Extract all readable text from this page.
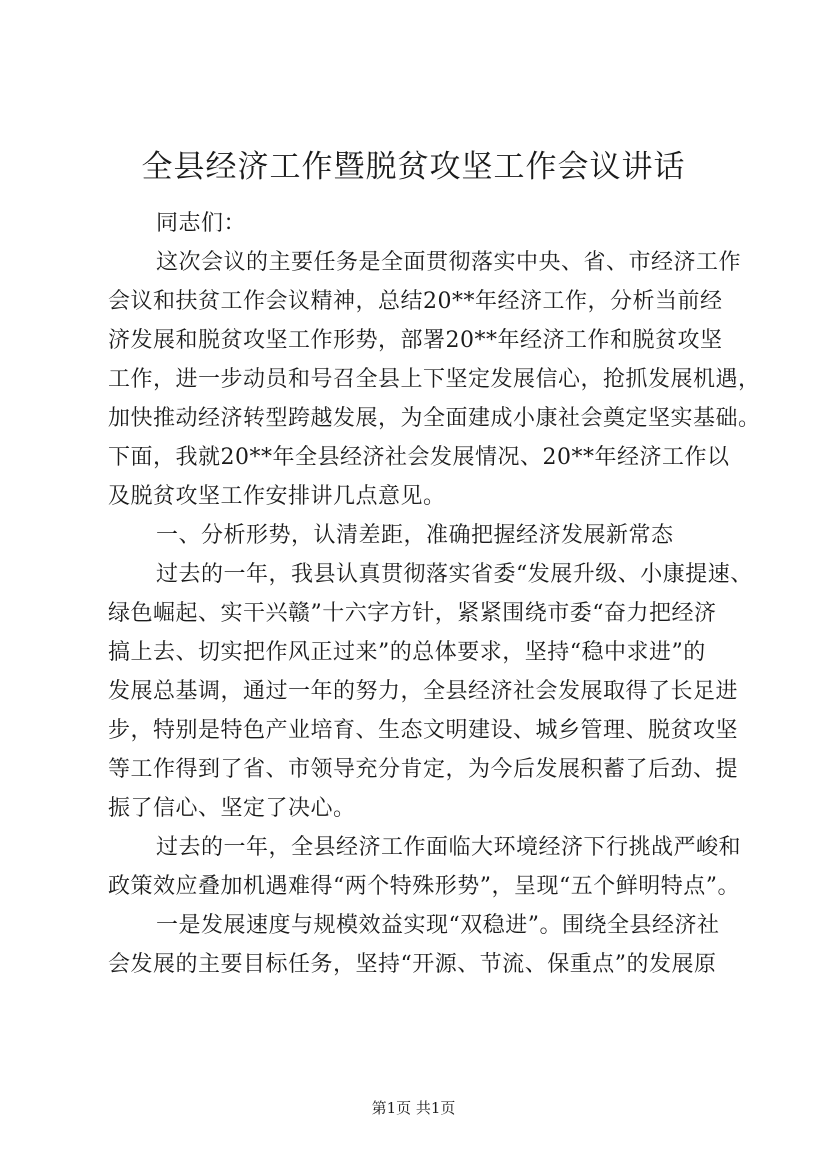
全县经济工作暨脱贫攻坚工作会议讲话
同志们：
这次会议的主要任务是全面贯彻落实中央、省、市经济工作
会议和扶贫工作会议精神，总结20**年经济工作，分析当前经
济发展和脱贫攻坚工作形势，部署20**年经济工作和脱贫攻坚
工作，进一步动员和号召全县上下坚定发展信心，抢抓发展机遇，
加快推动经济转型跨越发展，为全面建成小康社会奠定坚实基础。
下面，我就20**年全县经济社会发展情况、20**年经济工作以
及脱贫攻坚工作安排讲几点意见。
一、分析形势，认清差距，准确把握经济发展新常态
过去的一年，我县认真贯彻落实省委“发展升级、小康提速、
绿色崛起、实干兴赣”十六字方针，紧紧围绕市委“奋力把经济
搞上去、切实把作风正过来”的总体要求，坚持“稳中求进”的
发展总基调，通过一年的努力，全县经济社会发展取得了长足进
步，特别是特色产业培育、生态文明建设、城乡管理、脱贫攻坚
等工作得到了省、市领导充分肯定，为今后发展积蓄了后劲、提
振了信心、坚定了决心。
过去的一年，全县经济工作面临大环境经济下行挑战严峻和
政策效应叠加机遇难得“两个特殊形势”，呈现“五个鲜明特点”。
一是发展速度与规模效益实现“双稳进”。围绕全县经济社
会发展的主要目标任务，坚持“开源、节流、保重点”的发展原
第1页 共1页
